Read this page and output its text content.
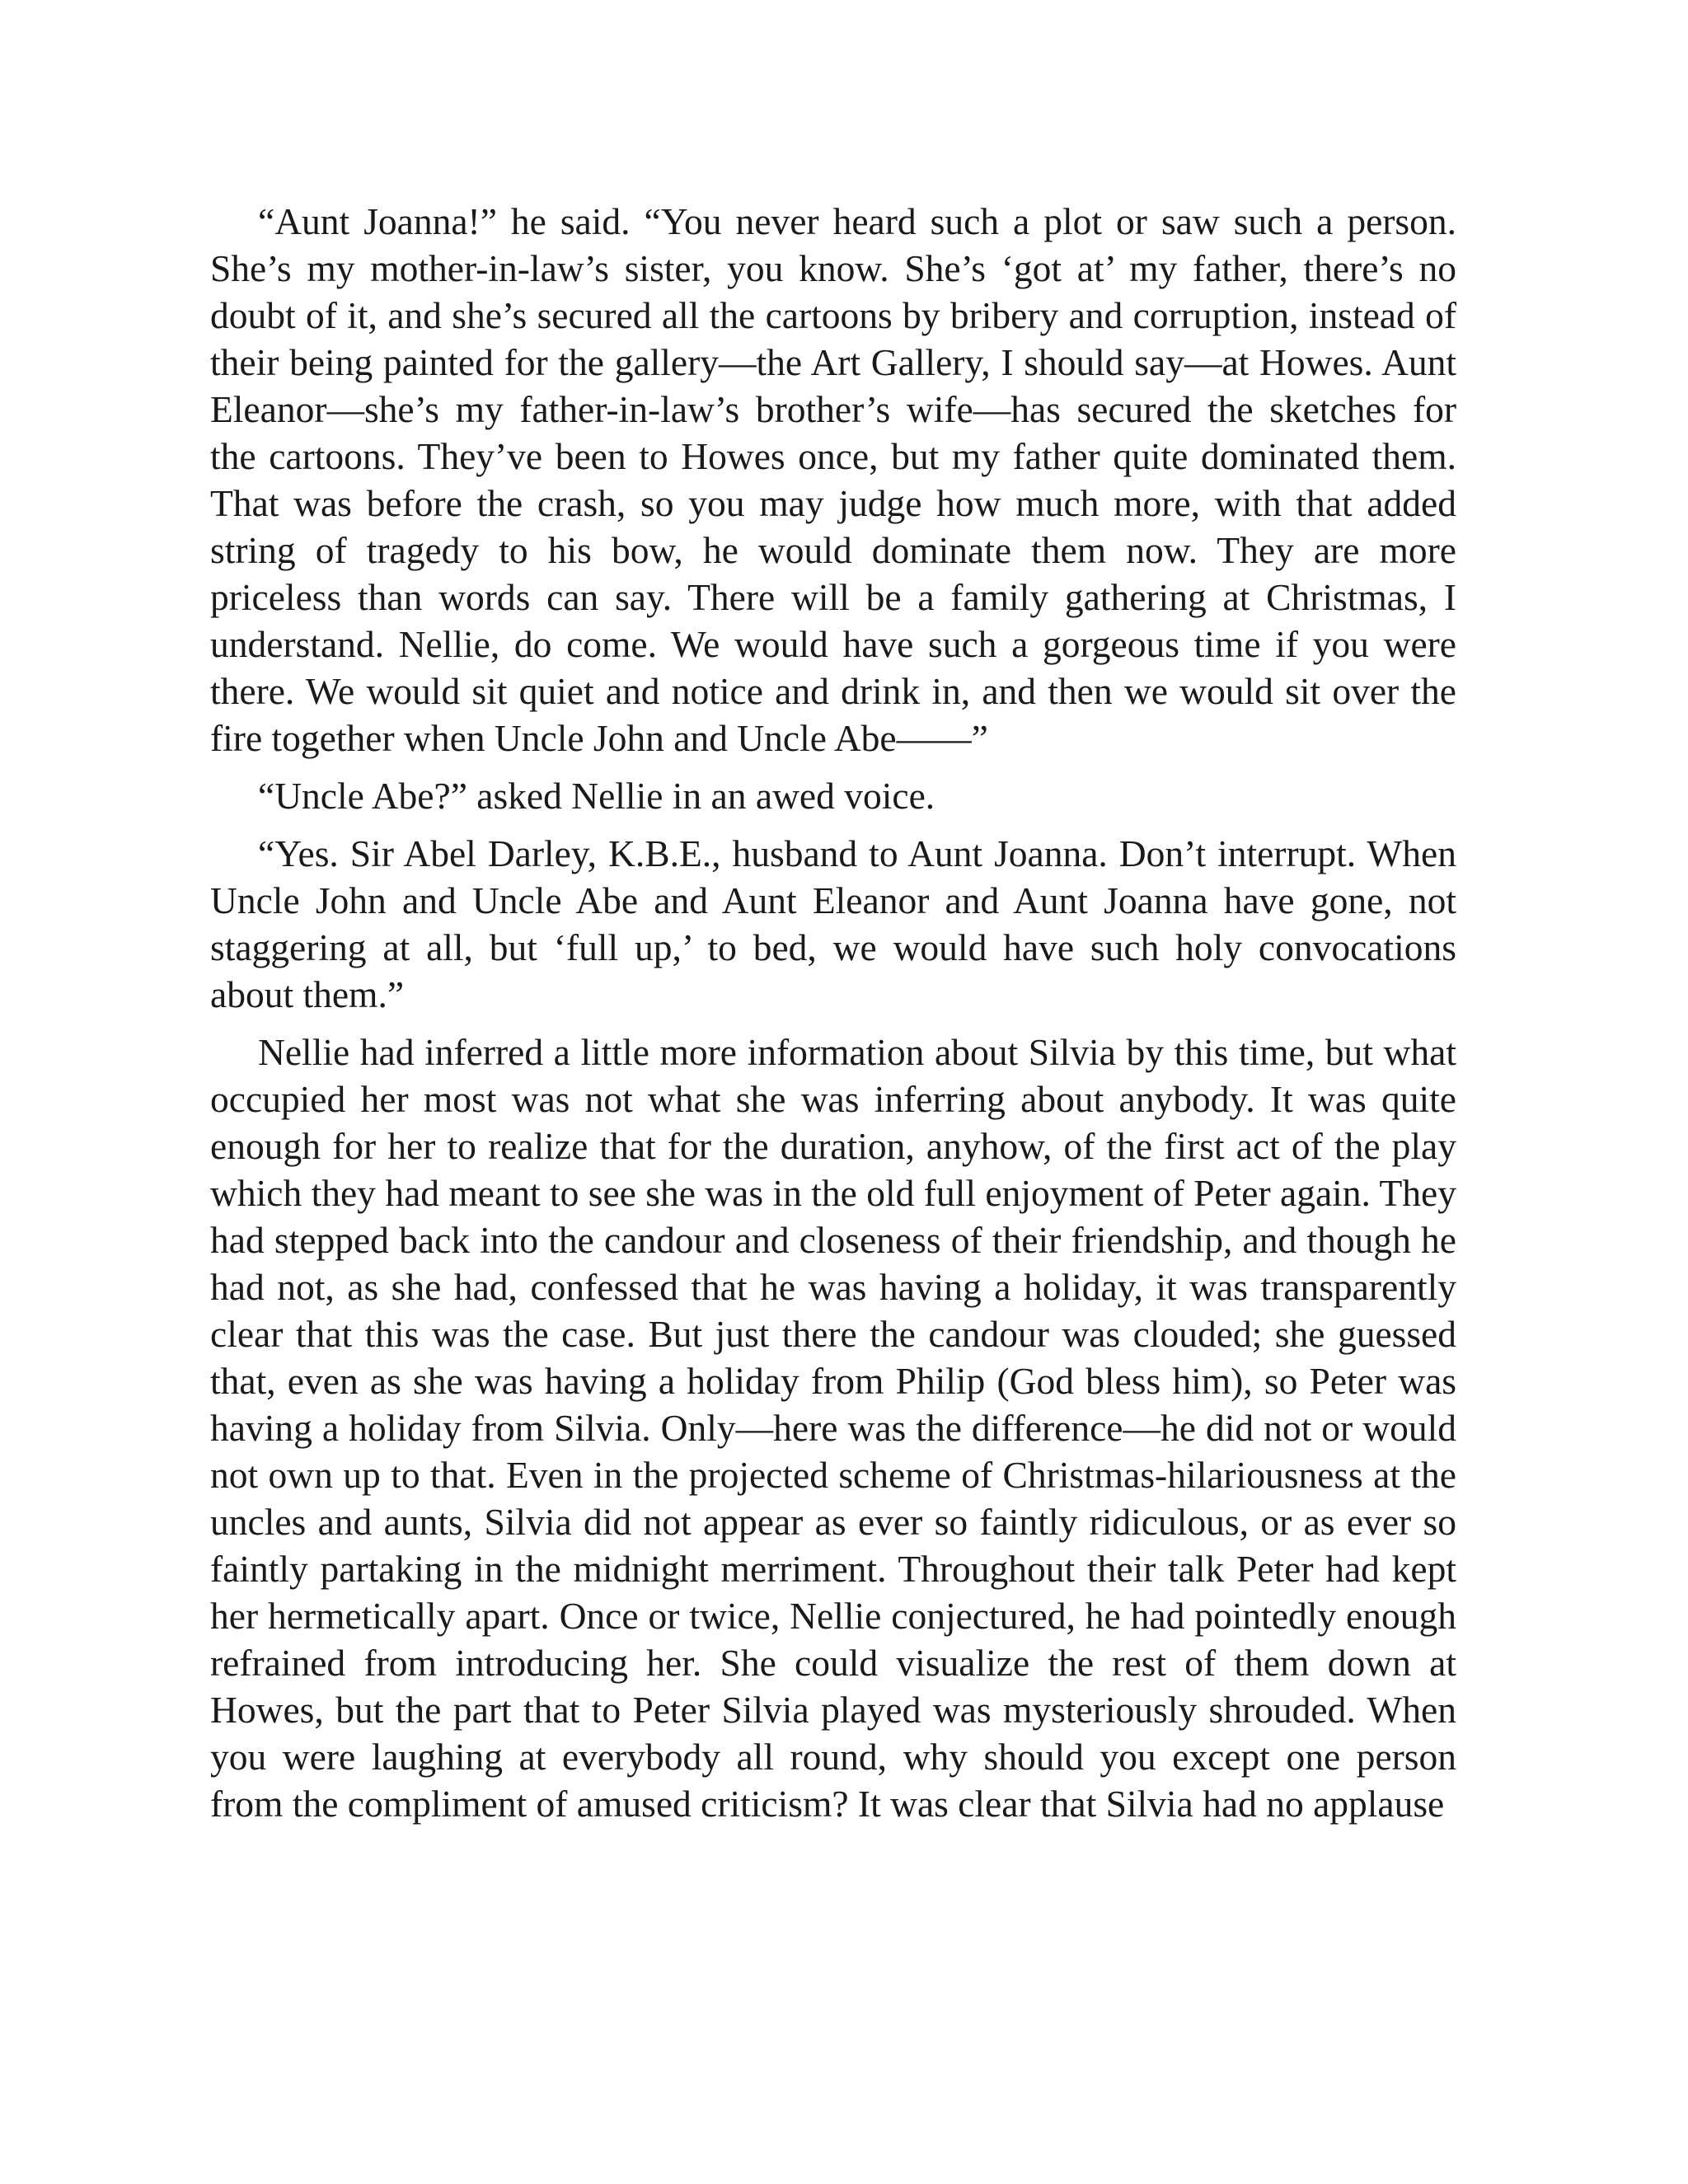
“Aunt Joanna!” he said. “You never heard such a plot or saw such a person. She’s my mother-in-law’s sister, you know. She’s ‘got at’ my father, there’s no doubt of it, and she’s secured all the cartoons by bribery and corruption, instead of their being painted for the gallery—the Art Gallery, I should say—at Howes. Aunt Eleanor—she’s my father-in-law’s brother’s wife—has secured the sketches for the cartoons. They’ve been to Howes once, but my father quite dominated them. That was before the crash, so you may judge how much more, with that added string of tragedy to his bow, he would dominate them now. They are more priceless than words can say. There will be a family gathering at Christmas, I understand. Nellie, do come. We would have such a gorgeous time if you were there. We would sit quiet and notice and drink in, and then we would sit over the fire together when Uncle John and Uncle Abe——”

“Uncle Abe?” asked Nellie in an awed voice.

“Yes. Sir Abel Darley, K.B.E., husband to Aunt Joanna. Don’t interrupt. When Uncle John and Uncle Abe and Aunt Eleanor and Aunt Joanna have gone, not staggering at all, but ‘full up,’ to bed, we would have such holy convocations about them.”

Nellie had inferred a little more information about Silvia by this time, but what occupied her most was not what she was inferring about anybody. It was quite enough for her to realize that for the duration, anyhow, of the first act of the play which they had meant to see she was in the old full enjoyment of Peter again. They had stepped back into the candour and closeness of their friendship, and though he had not, as she had, confessed that he was having a holiday, it was transparently clear that this was the case. But just there the candour was clouded; she guessed that, even as she was having a holiday from Philip (God bless him), so Peter was having a holiday from Silvia. Only—here was the difference—he did not or would not own up to that. Even in the projected scheme of Christmas-hilariousness at the uncles and aunts, Silvia did not appear as ever so faintly ridiculous, or as ever so faintly partaking in the midnight merriment. Throughout their talk Peter had kept her hermetically apart. Once or twice, Nellie conjectured, he had pointedly enough refrained from introducing her. She could visualize the rest of them down at Howes, but the part that to Peter Silvia played was mysteriously shrouded. When you were laughing at everybody all round, why should you except one person from the compliment of amused criticism? It was clear that Silvia had no applause
